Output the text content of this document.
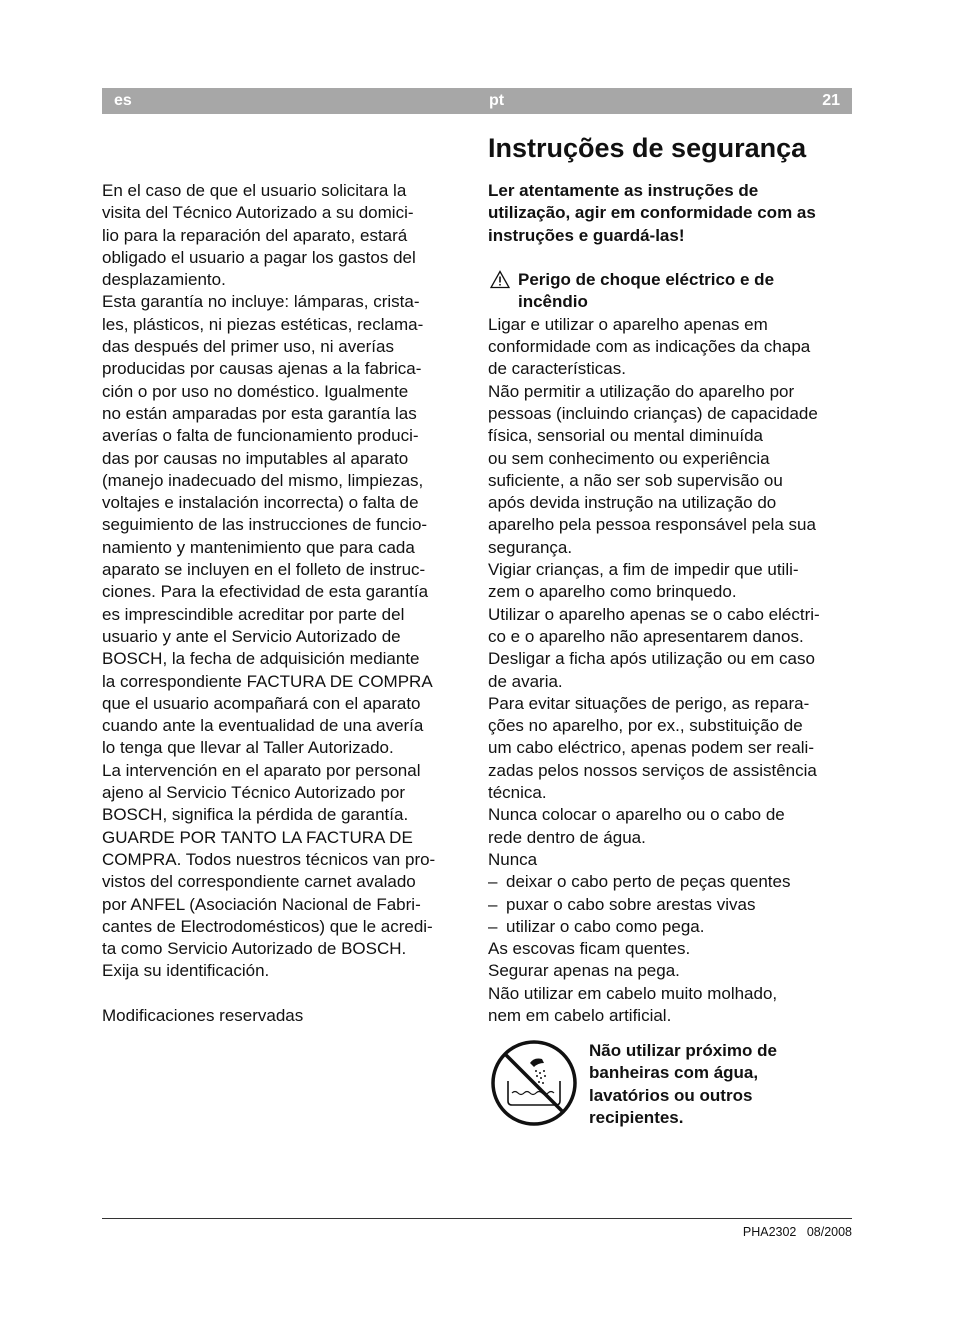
es	pt	21
En el caso de que el usuario solicitara la
visita del Técnico Autorizado a su domici-
lio para la reparación del aparato, estará
obligado el usuario a pagar los gastos del
desplazamiento.
Esta garantía no incluye: lámparas, crista-
les, plásticos, ni piezas estéticas, reclama-
das después del primer uso, ni averías
producidas por causas ajenas a la fabrica-
ción o por uso no doméstico. Igualmente
no están amparadas por esta garantía las
averías o falta de funcionamiento produci-
das por causas no imputables al aparato
(manejo inadecuado del mismo, limpiezas,
voltajes e instalación incorrecta) o falta de
seguimiento de las instrucciones de funcio-
namiento y mantenimiento que para cada
aparato se incluyen en el folleto de instruc-
ciones. Para la efectividad de esta garantía
es imprescindible acreditar por parte del
usuario y ante el Servicio Autorizado de
BOSCH, la fecha de adquisición mediante
la correspondiente FACTURA DE COMPRA
que el usuario acompañará con el aparato
cuando ante la eventualidad de una avería
lo tenga que llevar al Taller Autorizado.
La intervención en el aparato por personal
ajeno al Servicio Técnico Autorizado por
BOSCH, significa la pérdida de garantía.
GUARDE POR TANTO LA FACTURA DE
COMPRA. Todos nuestros técnicos van pro-
vistos del correspondiente carnet avalado
por ANFEL (Asociación Nacional de Fabri-
cantes de Electrodomésticos) que le acredi-
ta como Servicio Autorizado de BOSCH.
Exija su identificación.
Modificaciones reservadas
Instruções de segurança
Ler atentamente as instruções de
utilização, agir em conformidade com as
instruções e guardá-las!
Perigo de choque eléctrico e de
incêndio
Ligar e utilizar o aparelho apenas em
conformidade com as indicações da chapa
de características.
Não permitir a utilização do aparelho por
pessoas (incluindo crianças) de capacidade
física, sensorial ou mental diminuída
ou sem conhecimento ou experiência
suficiente, a não ser sob supervisão ou
após devida instrução na utilização do
aparelho pela pessoa responsável pela sua
segurança.
Vigiar crianças, a fim de impedir que utili-
zem o aparelho como brinquedo.
Utilizar o aparelho apenas se o cabo eléctri-
co e o aparelho não apresentarem danos.
Desligar a ficha após utilização ou em caso
de avaria.
Para evitar situações de perigo, as repara-
ções no aparelho, por ex., substituição de
um cabo eléctrico, apenas podem ser reali-
zadas pelos nossos serviços de assistência
técnica.
Nunca colocar o aparelho ou o cabo de
rede dentro de água.
Nunca
– deixar o cabo perto de peças quentes
– puxar o cabo sobre arestas vivas
– utilizar o cabo como pega.
As escovas ficam quentes.
Segurar apenas na pega.
Não utilizar em cabelo muito molhado,
nem em cabelo artificial.
Não utilizar próximo de
banheiras com água,
lavatórios ou outros
recipientes.
PHA2302 08/2008
